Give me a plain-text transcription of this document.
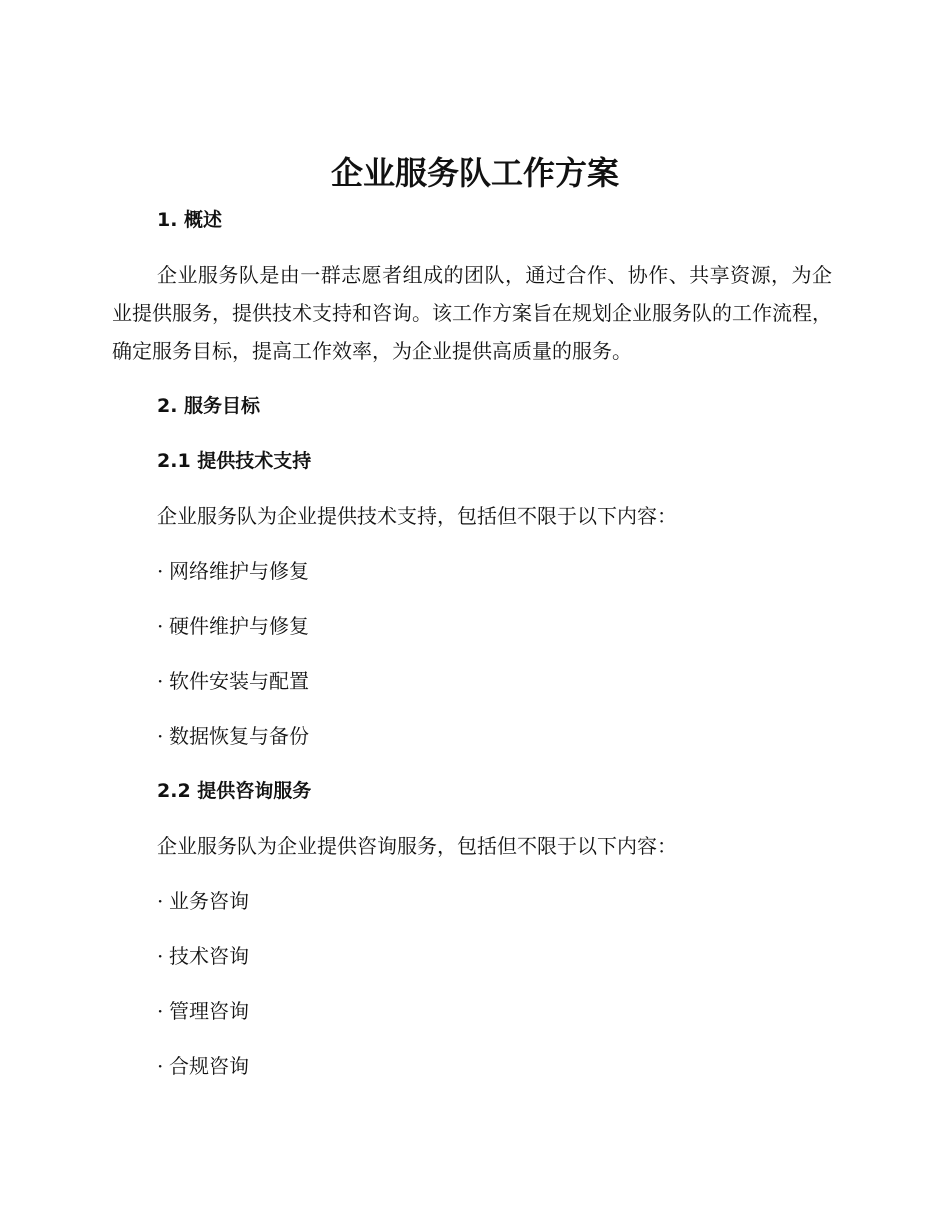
企业服务队工作方案
1. 概述

企业服务队是由一群志愿者组成的团队，通过合作、协作、共享资源，为企业提供服务，提供技术支持和咨询。该工作方案旨在规划企业服务队的工作流程，确定服务目标，提高工作效率，为企业提供高质量的服务。

2. 服务目标
2.1 提供技术支持
企业服务队为企业提供技术支持，包括但不限于以下内容：
· 网络维护与修复
· 硬件维护与修复
· 软件安装与配置
· 数据恢复与备份
2.2 提供咨询服务
企业服务队为企业提供咨询服务，包括但不限于以下内容：
· 业务咨询
· 技术咨询
· 管理咨询
· 合规咨询
